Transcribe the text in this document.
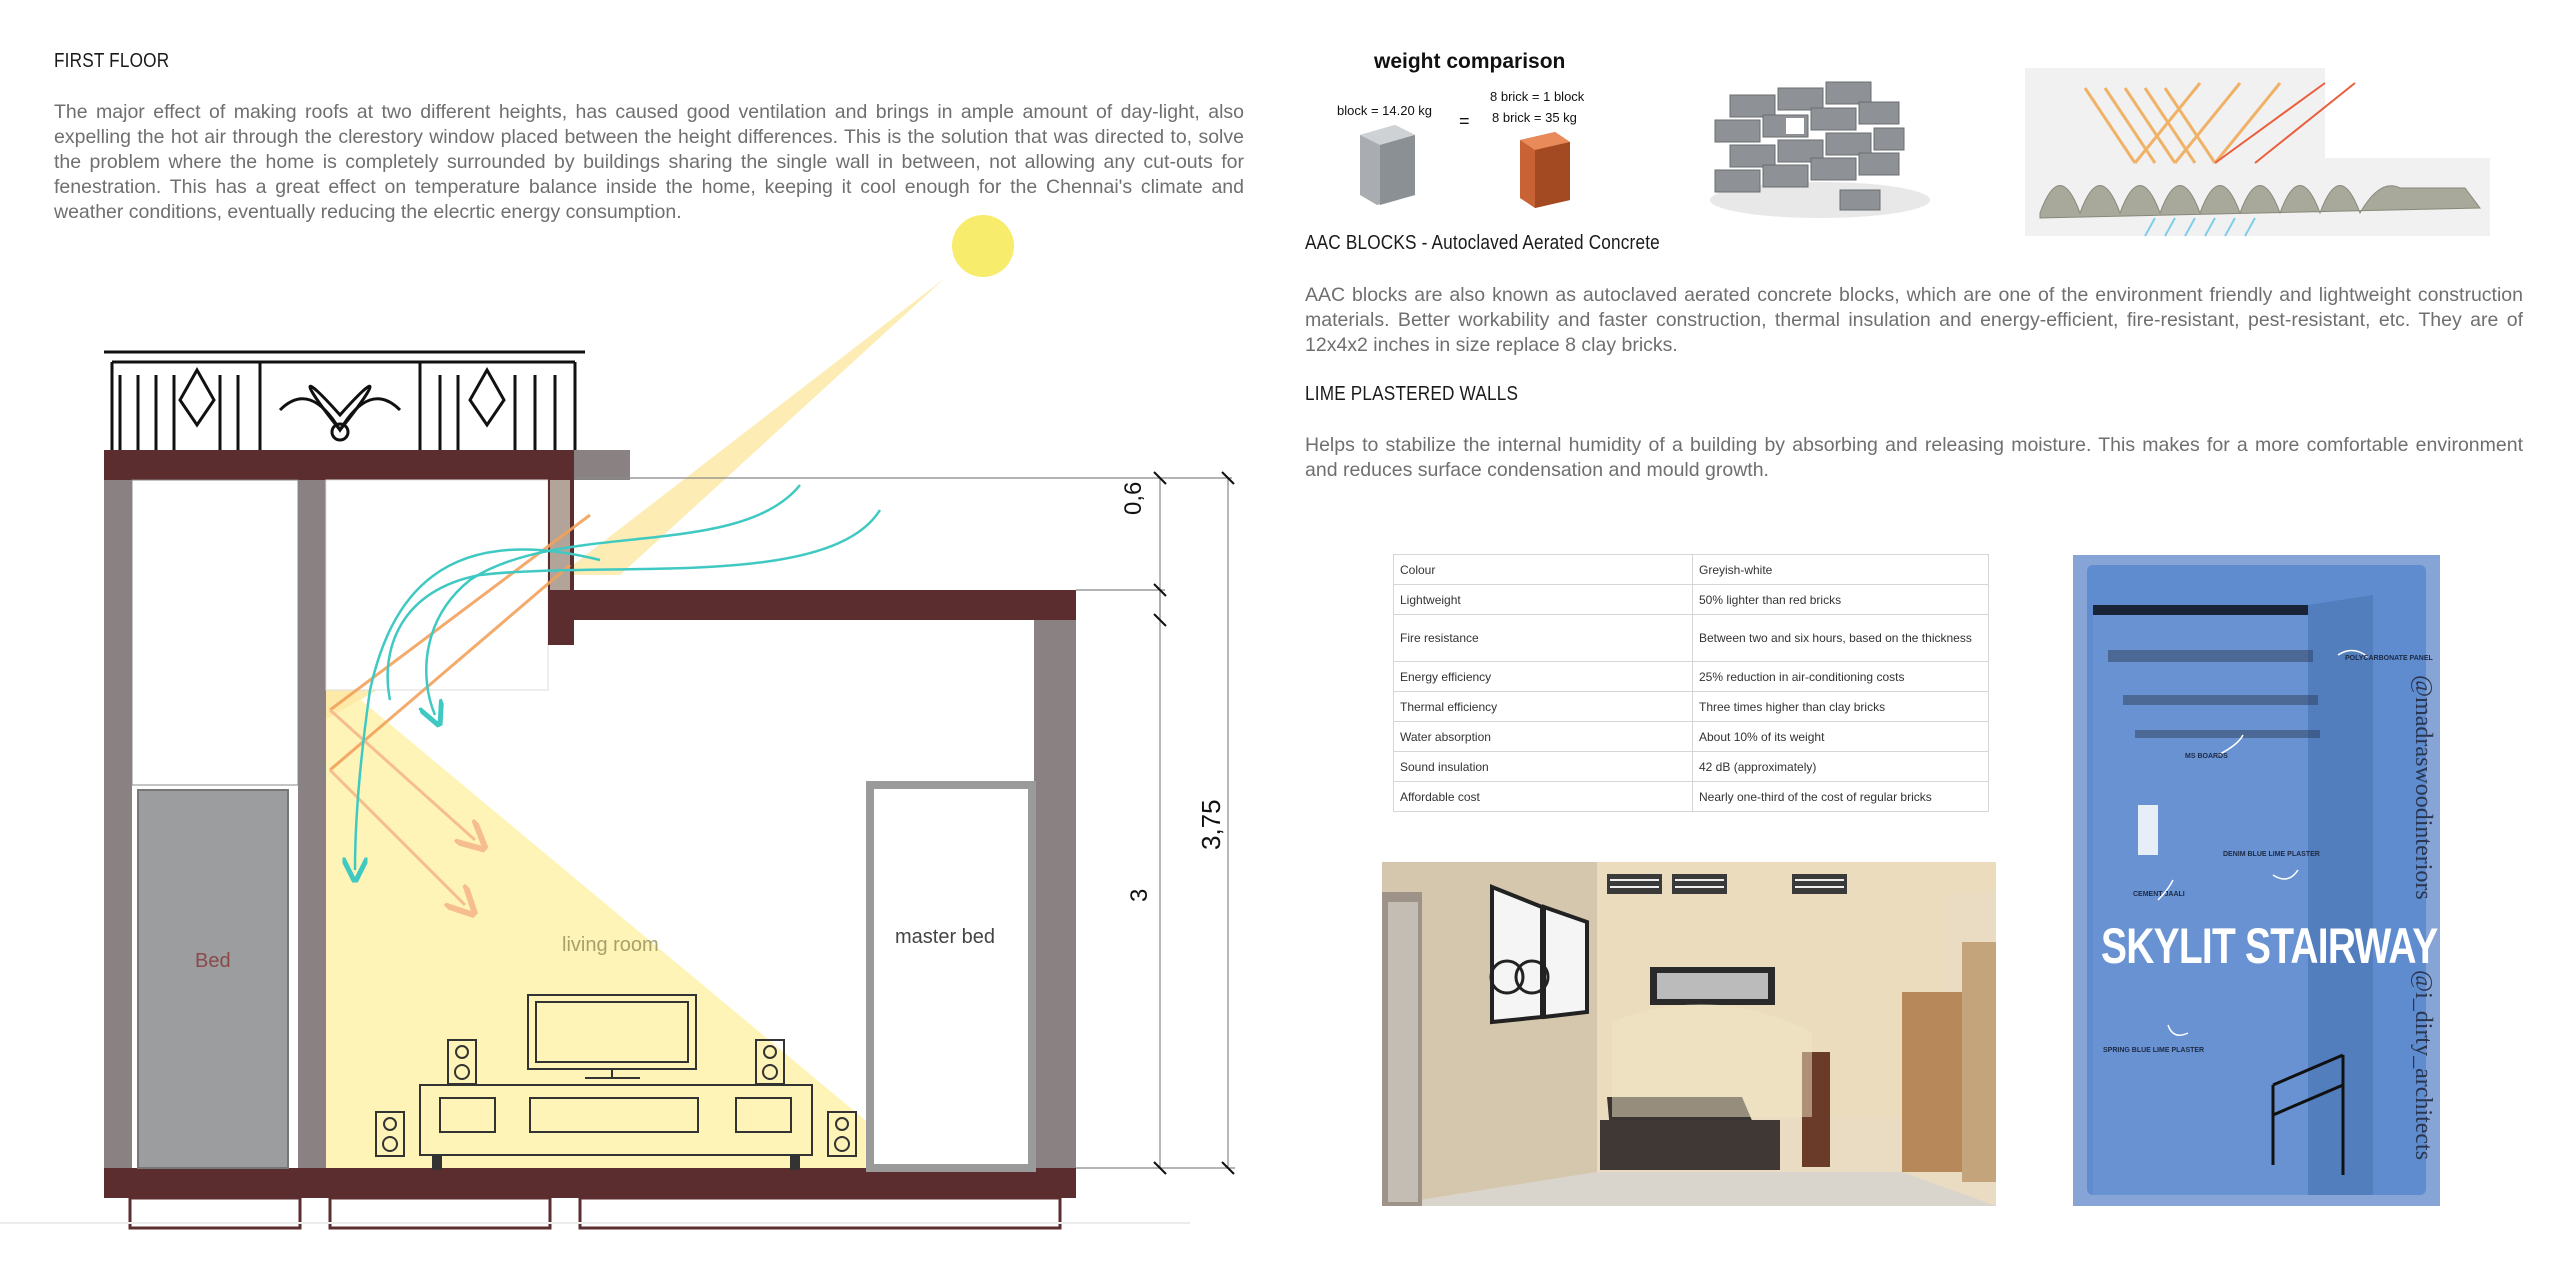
FIRST FLOOR
The major effect of making roofs at two different heights, has caused good ventilation and brings in ample amount of day-light, also expelling the hot air through the clerestory window placed between the height differences. This is the solution that was directed to, solve the problem where the home is completely surrounded by buildings sharing the single wall in between, not allowing any cut-outs for fenestration. This has a great effect on temperature balance inside the home, keeping it cool enough for the Chennai's climate and weather conditions, eventually reducing the elecrtic energy consumption.
Bed
living room	master bed
0,6
3,75
3
weight comparison
block = 14.20 kg
=
8 brick = 1 block
8 brick = 35 kg
AAC BLOCKS - Autoclaved Aerated Concrete
AAC blocks are also known as autoclaved aerated concrete blocks, which are one of the environment friendly and lightweight construction materials. Better workability and faster construction, thermal insulation and energy-efficient, fire-resistant, pest-resistant, etc. They are of 12x4x2 inches in size replace 8 clay bricks.
LIME PLASTERED WALLS
Helps to stabilize the internal humidity of a building by absorbing and releasing moisture. This makes for a more comfortable environment and reduces surface condensation and mould growth.
Colour	Greyish-white
Lightweight	50% lighter than red bricks
Fire resistance	Between two and six hours, based on the thickness
Energy efficiency	25% reduction in air-conditioning costs
Thermal efficiency	Three times higher than clay bricks
Water absorption	About 10% of its weight
Sound insulation	42 dB (approximately)
Affordable cost	Nearly one-third of the cost of regular bricks
POLYCARBONATE PANEL
MS BOARDS
DENIM BLUE LIME PLASTER
CEMENT JAALI
SPRING BLUE LIME PLASTER
SKYLIT STAIRWAY
@madraswoodinteriors
@i_dirty_architects
